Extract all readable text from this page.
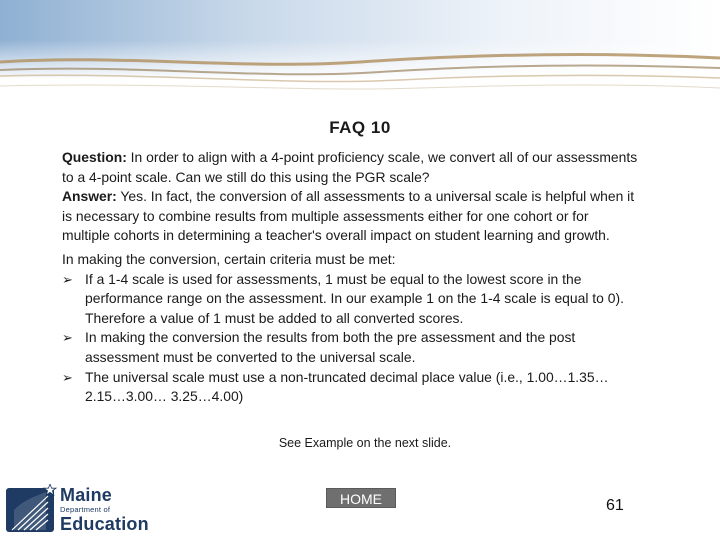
FAQ 10

Question: In order to align with a 4-point proficiency scale, we convert all of our assessments to a 4-point scale. Can we still do this using the PGR scale?

Answer: Yes. In fact, the conversion of all assessments to a universal scale is helpful when it is necessary to combine results from multiple assessments either for one cohort or for multiple cohorts in determining a teacher's overall impact on student learning and growth.

In making the conversion, certain criteria must be met:

➢ If a 1-4 scale is used for assessments, 1 must be equal to the lowest score in the performance range on the assessment. In our example 1 on the 1-4 scale is equal to 0). Therefore a value of 1 must be added to all converted scores.
➢ In making the conversion the results from both the pre assessment and the post assessment must be converted to the universal scale.
➢ The universal scale must use a non-truncated decimal place value (i.e., 1.00…1.35…2.15…3.00… 3.25…4.00)
See Example on the next slide.
Maine
Department of
Education
HOME	61
